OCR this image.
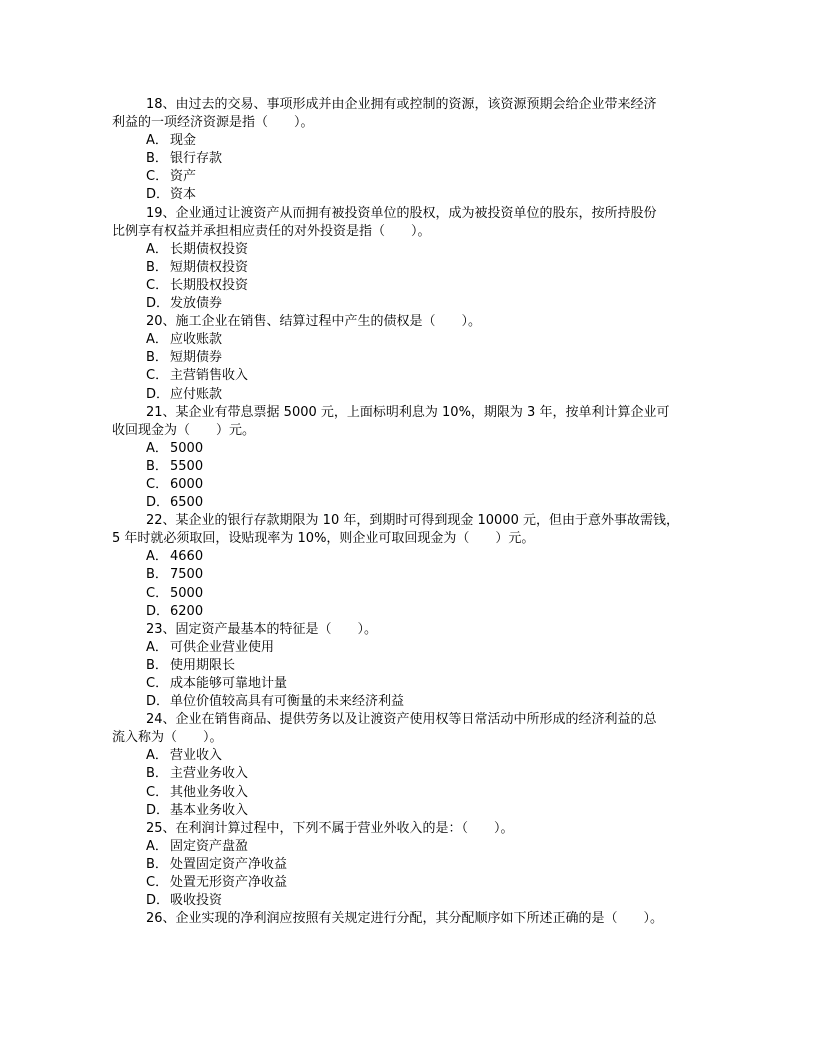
18、由过去的交易、事项形成并由企业拥有或控制的资源，该资源预期会给企业带来经济
利益的一项经济资源是指（　　）。
A． 现金
B． 银行存款
C． 资产
D．资本
19、企业通过让渡资产从而拥有被投资单位的股权，成为被投资单位的股东，按所持股份
比例享有权益并承担相应责任的对外投资是指（　　）。
A． 长期债权投资
B． 短期债权投资
C． 长期股权投资
D．发放债券
20、施工企业在销售、结算过程中产生的债权是（　　）。
A． 应收账款
B． 短期债券
C． 主营销售收入
D．应付账款
21、某企业有带息票据 5000 元，上面标明利息为 10%，期限为 3 年，按单利计算企业可
收回现金为（　　）元。
A． 5000
B． 5500
C． 6000
D．6500
22、某企业的银行存款期限为 10 年，到期时可得到现金 10000 元，但由于意外事故需钱，
5 年时就必须取回，设贴现率为 10%，则企业可取回现金为（　　）元。
A． 4660
B． 7500
C． 5000
D．6200
23、固定资产最基本的特征是（　　）。
A． 可供企业营业使用
B． 使用期限长
C． 成本能够可靠地计量
D．单位价值较高具有可衡量的未来经济利益
24、企业在销售商品、提供劳务以及让渡资产使用权等日常活动中所形成的经济利益的总
流入称为（　　）。
A． 营业收入
B． 主营业务收入
C． 其他业务收入
D．基本业务收入
25、在利润计算过程中，下列不属于营业外收入的是：（　　）。
A． 固定资产盘盈
B． 处置固定资产净收益
C． 处置无形资产净收益
D．吸收投资
26、企业实现的净利润应按照有关规定进行分配，其分配顺序如下所述正确的是（　　）。
